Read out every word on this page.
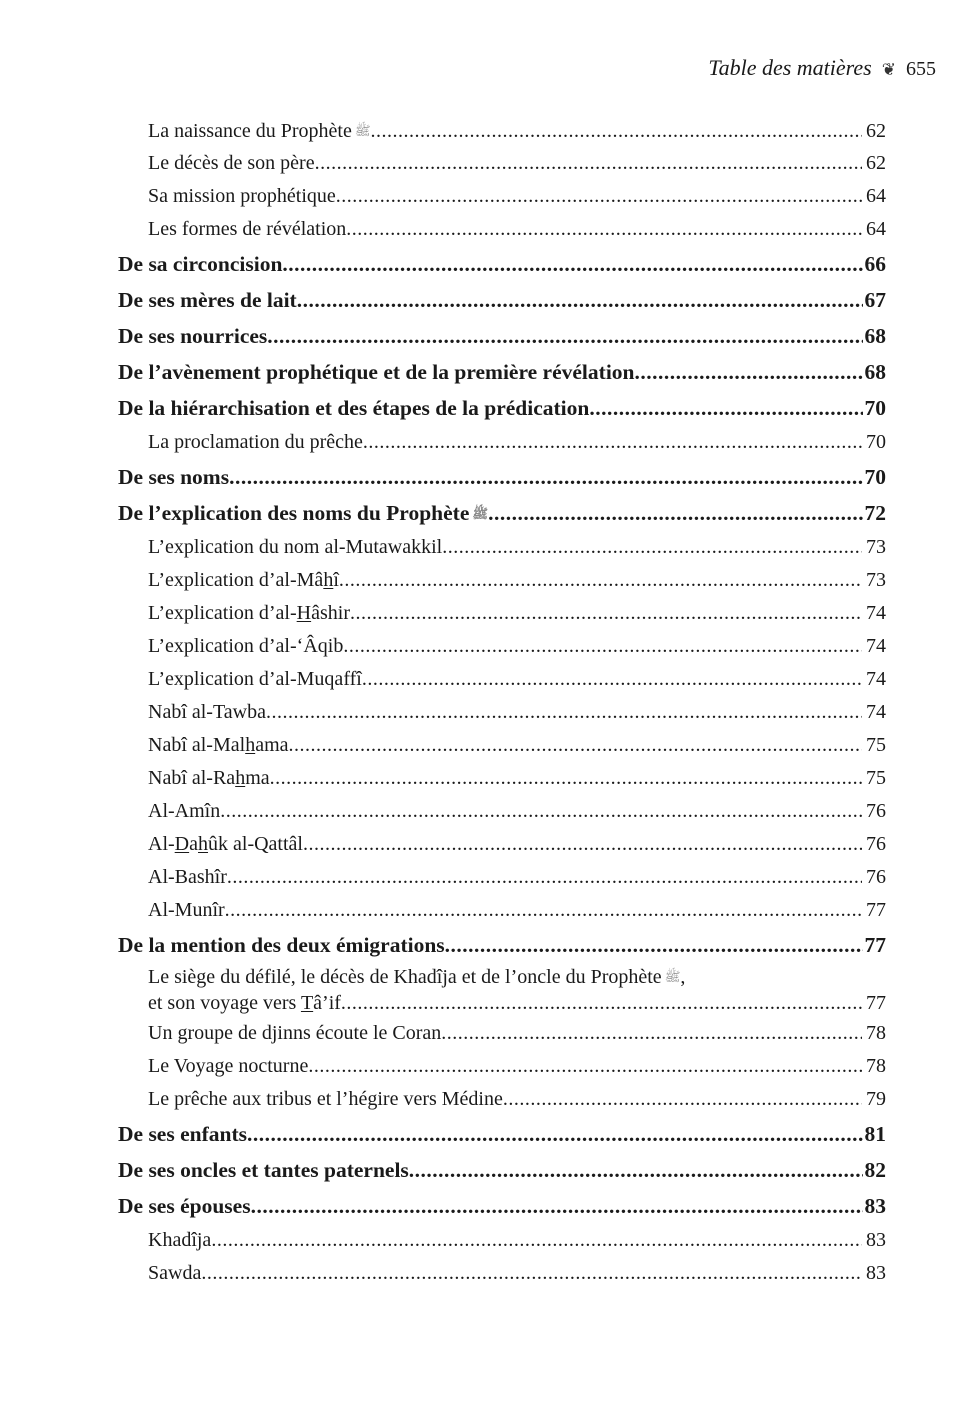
Table des matières ❦ 655
La naissance du Prophète ﷺ .....	62
Le décès de son père .....	62
Sa mission prophétique .....	64
Les formes de révélation .....	64
De sa circoncision .....	66
De ses mères de lait .....	67
De ses nourrices .....	68
De l’avènement prophétique et de la première révélation .....	68
De la hiérarchisation et des étapes de la prédication .....	70
La proclamation du prêche .....	70
De ses noms .....	70
De l’explication des noms du Prophète ﷺ .....	72
L’explication du nom al-Mutawakkil .....	73
L’explication d’al-Mâhî .....	73
L’explication d’al-Hâshir .....	74
L’explication d’al-‘Âqib .....	74
L’explication d’al-Muqaffî .....	74
Nabî al-Tawba .....	74
Nabî al-Malhama .....	75
Nabî al-Rahma .....	75
Al-Amîn .....	76
Al-Dahûk al-Qattâl .....	76
Al-Bashîr .....	76
Al-Munîr .....	77
De la mention des deux émigrations .....	77
Le siège du défilé, le décès de Khadîja et de l’oncle du Prophète ﷺ,
et son voyage vers Tâ’if .....	77
Un groupe de djinns écoute le Coran .....	78
Le Voyage nocturne .....	78
Le prêche aux tribus et l’hégire vers Médine .....	79
De ses enfants .....	81
De ses oncles et tantes paternels .....	82
De ses épouses .....	83
Khadîja .....	83
Sawda .....	83
